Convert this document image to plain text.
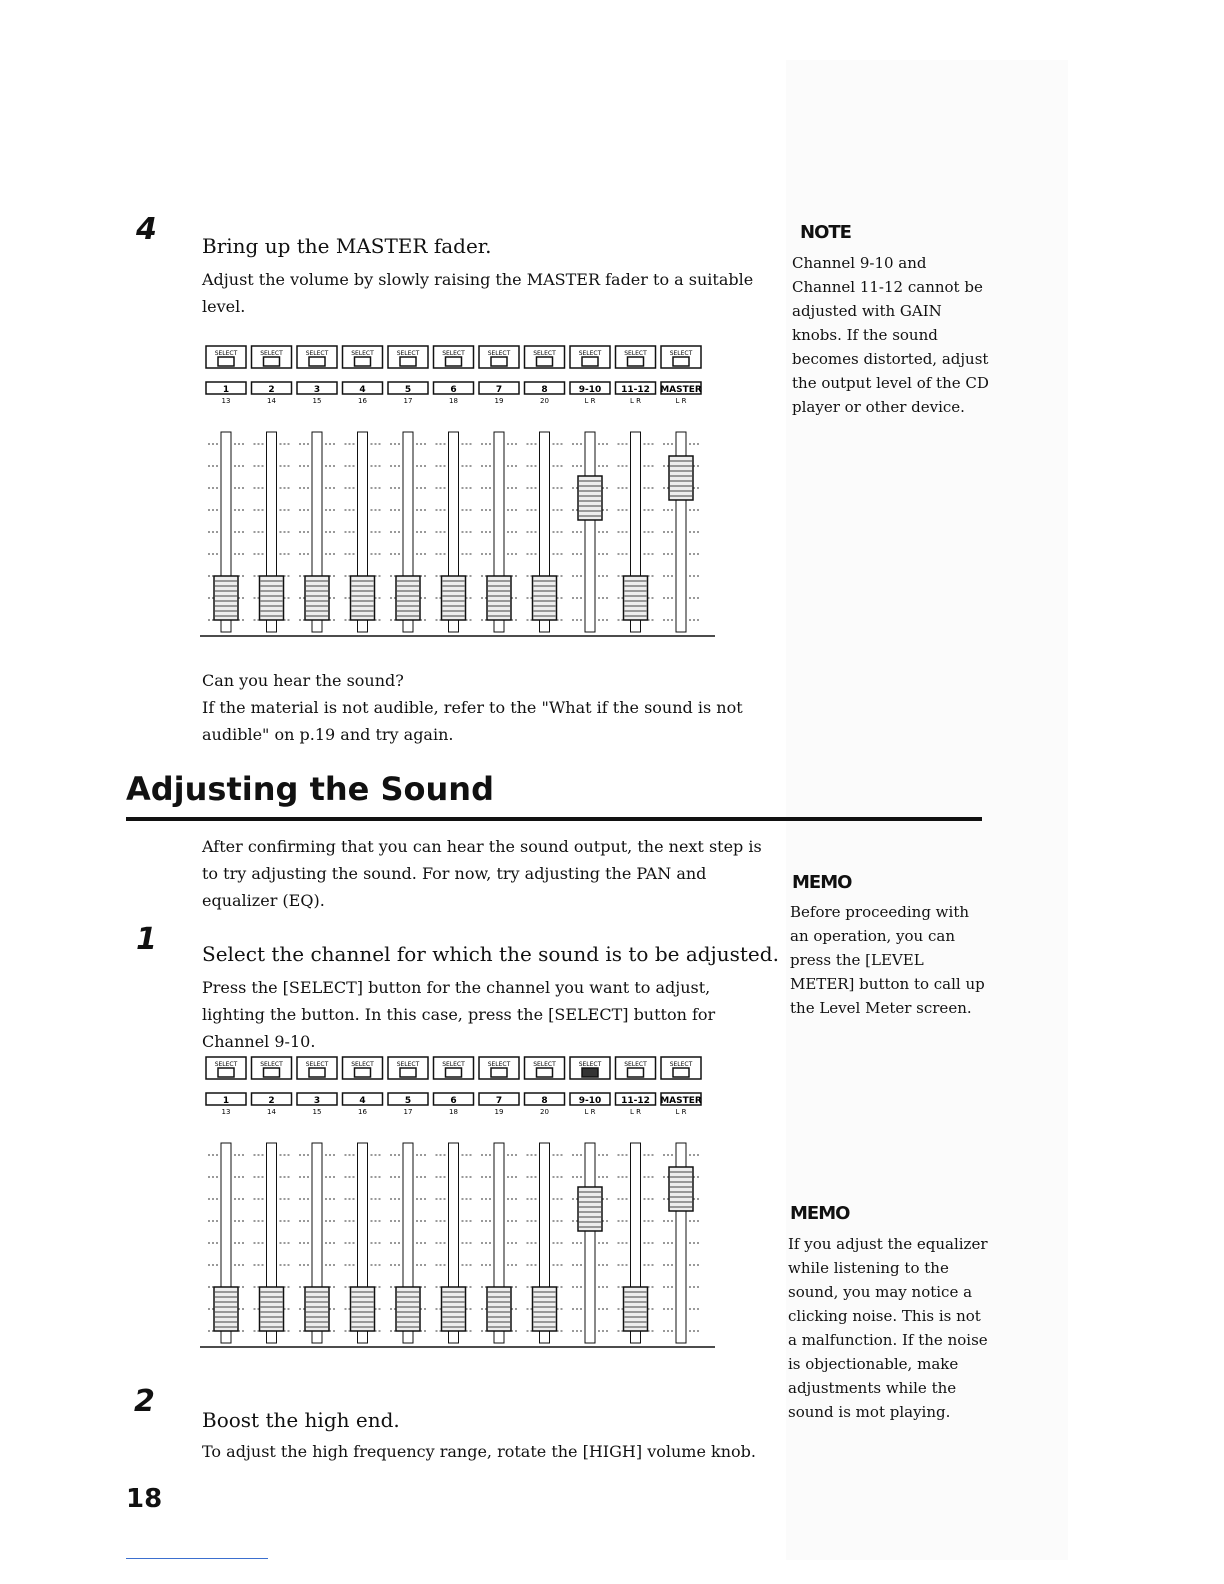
4 Bring up the MASTER fader.
Adjust the volume by slowly raising the MASTER fader to a suitable level.
SELECT
1
13
SELECT
2
14
SELECT
3
15
SELECT
4
16
SELECT
5
17
SELECT
6
18
SELECT
7
19
SELECT
8
20
SELECT
9-10
L R
SELECT
11-12
L R
SELECT
MASTER
L R
Can you hear the sound?
If the material is not audible, refer to the "What if the sound is not audible" on p.19 and try again.
Adjusting the Sound
After confirming that you can hear the sound output, the next step is to try adjusting the sound. For now, try adjusting the PAN and equalizer (EQ).
1 Select the channel for which the sound is to be adjusted.
Press the [SELECT] button for the channel you want to adjust, lighting the button. In this case, press the [SELECT] button for Channel 9-10.
SELECT
1
13
SELECT
2
14
SELECT
3
15
SELECT
4
16
SELECT
5
17
SELECT
6
18
SELECT
7
19
SELECT
8
20
SELECT
9-10
L R
SELECT
11-12
L R
SELECT
MASTER
L R
2
Boost the high end.
To adjust the high frequency range, rotate the [HIGH] volume knob.
NOTE
Channel 9-10 and Channel 11-12 cannot be adjusted with GAIN knobs. If the sound becomes distorted, adjust the output level of the CD player or other device.
MEMO
Before proceeding with an operation, you can press the [LEVEL METER] button to call up the Level Meter screen.
MEMO
If you adjust the equalizer while listening to the sound, you may notice a clicking noise. This is not a malfunction. If the noise is objectionable, make adjustments while the sound is mot playing.
18
